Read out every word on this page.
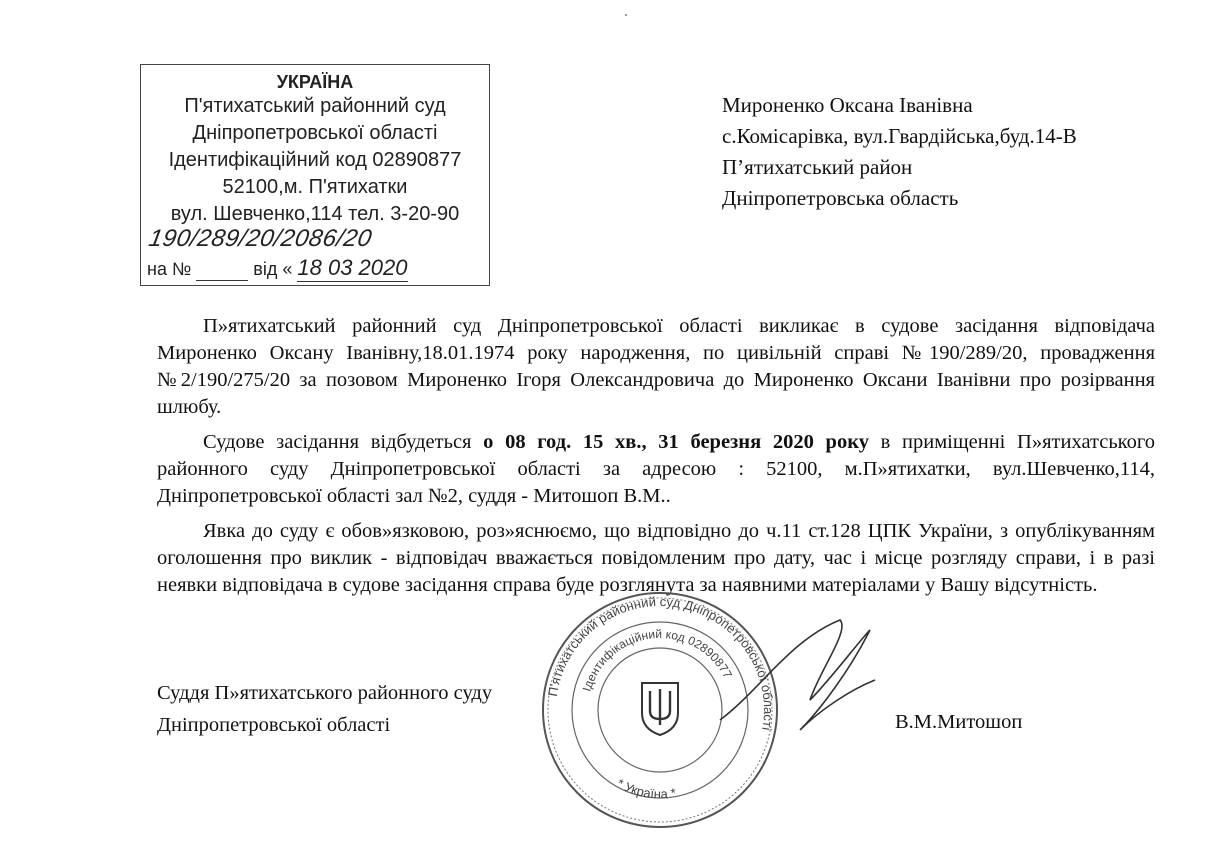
УКРАЇНА
П'ятихатський районний суд
Дніпропетровської області
Ідентифікаційний код 02890877
52100,м. П'ятихатки
вул. Шевченко,114 тел. 3-20-90
190/289/20/2086/20
на №	від « 18 03 2020
Мироненко Оксана Іванівна
с.Комісарівка, вул.Гвардійська,буд.14-В
П’ятихатський район
Дніпропетровська область

П»ятихатський районний суд Дніпропетровської області викликає в судове засідання відповідача Мироненко Оксану Іванівну,18.01.1974 року народження, по цивільній справі №190/289/20, провадження №2/190/275/20 за позовом Мироненко Ігоря Олександровича до Мироненко Оксани Іванівни про розірвання шлюбу.

Судове засідання відбудеться о 08 год. 15 хв., 31 березня 2020 року в приміщенні П»ятихатського районного суду Дніпропетровської області за адресою : 52100, м.П»ятихатки, вул.Шевченко,114, Дніпропетровської області зал №2, суддя - Митошоп В.М..

Явка до суду є обов»язковою, роз»яснюємо, що відповідно до ч.11 ст.128 ЦПК України, з опублікуванням оголошення про виклик - відповідач вважається повідомленим про дату, час і місце розгляду справи, і в разі неявки відповідача в судове засідання справа буде розглянута за наявними матеріалами у Вашу відсутність.

П'ятихатський районний суд Дніпропетровської області
Ідентифікаційний код 02890877
* Україна *
Суддя П»ятихатського районного суду
Дніпропетровської області	В.М.Митошоп
